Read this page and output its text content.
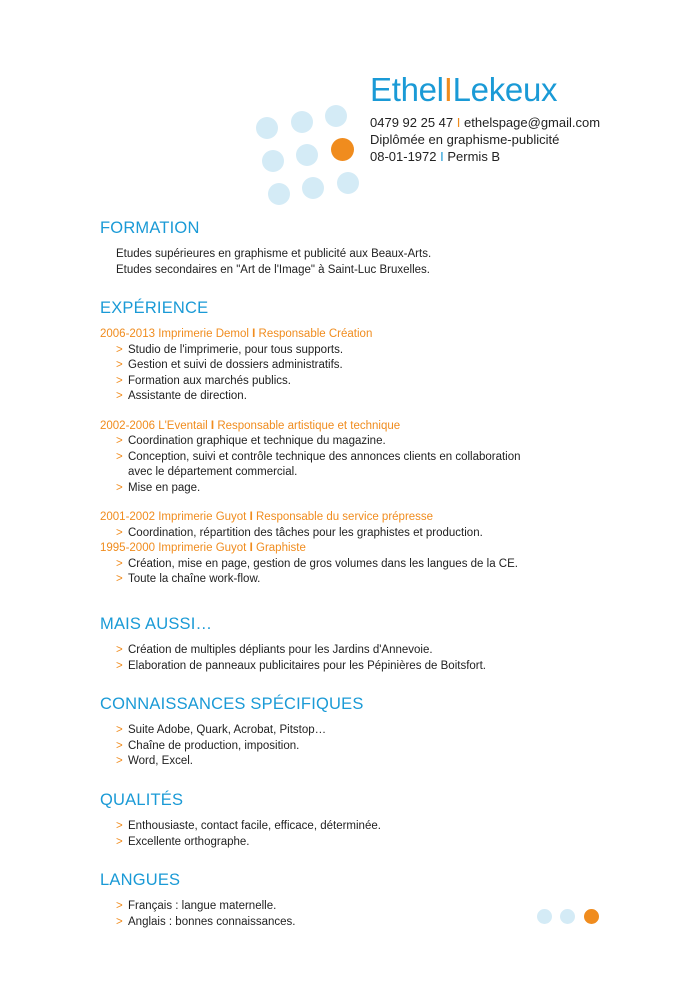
EthelILekeux
0479 92 25 47 I ethelspage@gmail.com
Diplômée en graphisme-publicité
08-01-1972 I Permis B
FORMATION

Etudes supérieures en graphisme et publicité aux Beaux-Arts.

Etudes secondaires en "Art de l'Image" à Saint-Luc Bruxelles.

EXPÉRIENCE

2006-2013 Imprimerie Demol I Responsable Création

> Studio de l'imprimerie, pour tous supports.
> Gestion et suivi de dossiers administratifs.
> Formation aux marchés publics.
> Assistante de direction.

2002-2006 L'Eventail I Responsable artistique et technique

> Coordination graphique et technique du magazine.
> Conception, suivi et contrôle technique des annonces clients en collaboration
avec le département commercial.
> Mise en page.

2001-2002 Imprimerie Guyot I Responsable du service prépresse

> Coordination, répartition des tâches pour les graphistes et production.

1995-2000 Imprimerie Guyot I Graphiste

> Création, mise en page, gestion de gros volumes dans les langues de la CE.
> Toute la chaîne work-flow.
MAIS AUSSI…
> Création de multiples dépliants pour les Jardins d'Annevoie.
> Elaboration de panneaux publicitaires pour les Pépinières de Boitsfort.
CONNAISSANCES SPÉCIFIQUES
> Suite Adobe, Quark, Acrobat, Pitstop…
> Chaîne de production, imposition.
> Word, Excel.
QUALITÉS
> Enthousiaste, contact facile, efficace, déterminée.
> Excellente orthographe.
LANGUES
> Français : langue maternelle.
> Anglais : bonnes connaissances.
